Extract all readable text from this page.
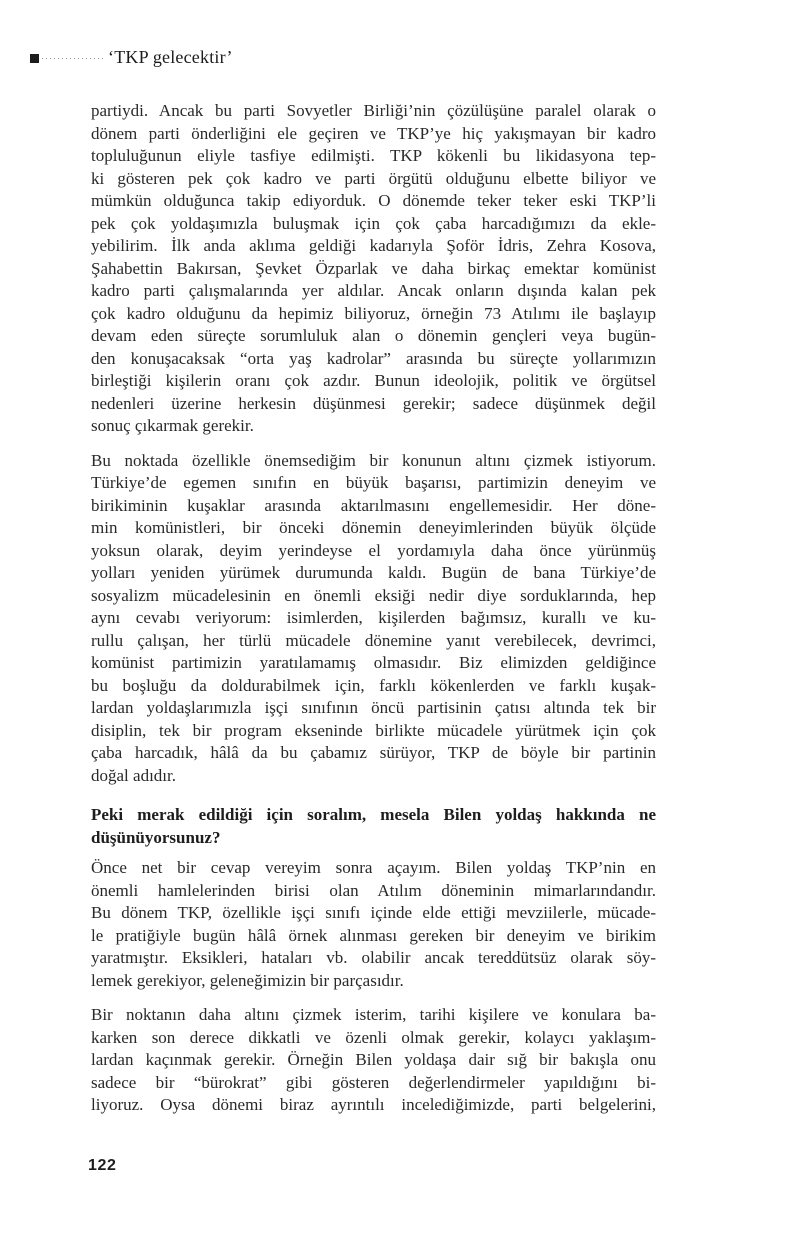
‘TKP gelecektir’
partiydi. Ancak bu parti Sovyetler Birliği’nin çözülüşüne paralel olarak o
dönem parti önderliğini ele geçiren ve TKP’ye hiç yakışmayan bir kadro
topluluğunun eliyle tasfiye edilmişti. TKP kökenli bu likidasyona tep-
ki gösteren pek çok kadro ve parti örgütü olduğunu elbette biliyor ve
mümkün olduğunca takip ediyorduk. O dönemde teker teker eski TKP’li
pek çok yoldaşımızla buluşmak için çok çaba harcadığımızı da ekle-
yebilirim. İlk anda aklıma geldiği kadarıyla Şoför İdris, Zehra Kosova,
Şahabettin Bakırsan, Şevket Özparlak ve daha birkaç emektar komünist
kadro parti çalışmalarında yer aldılar. Ancak onların dışında kalan pek
çok kadro olduğunu da hepimiz biliyoruz, örneğin 73 Atılımı ile başlayıp
devam eden süreçte sorumluluk alan o dönemin gençleri veya bugün-
den konuşacaksak “orta yaş kadrolar” arasında bu süreçte yollarımızın
birleştiği kişilerin oranı çok azdır. Bunun ideolojik, politik ve örgütsel
nedenleri üzerine herkesin düşünmesi gerekir; sadece düşünmek değil
sonuç çıkarmak gerekir.
Bu noktada özellikle önemsediğim bir konunun altını çizmek istiyorum.
Türkiye’de egemen sınıfın en büyük başarısı, partimizin deneyim ve
birikiminin kuşaklar arasında aktarılmasını engellemesidir. Her döne-
min komünistleri, bir önceki dönemin deneyimlerinden büyük ölçüde
yoksun olarak, deyim yerindeyse el yordamıyla daha önce yürünmüş
yolları yeniden yürümek durumunda kaldı. Bugün de bana Türkiye’de
sosyalizm mücadelesinin en önemli eksiği nedir diye sorduklarında, hep
aynı cevabı veriyorum: isimlerden, kişilerden bağımsız, kurallı ve ku-
rullu çalışan, her türlü mücadele dönemine yanıt verebilecek, devrimci,
komünist partimizin yaratılamamış olmasıdır. Biz elimizden geldiğince
bu boşluğu da doldurabilmek için, farklı kökenlerden ve farklı kuşak-
lardan yoldaşlarımızla işçi sınıfının öncü partisinin çatısı altında tek bir
disiplin, tek bir program ekseninde birlikte mücadele yürütmek için çok
çaba harcadık, hâlâ da bu çabamız sürüyor, TKP de böyle bir partinin
doğal adıdır.
Peki merak edildiği için soralım, mesela Bilen yoldaş hakkında ne
düşünüyorsunuz?
Önce net bir cevap vereyim sonra açayım. Bilen yoldaş TKP’nin en
önemli hamlelerinden birisi olan Atılım döneminin mimarlarındandır.
Bu dönem TKP, özellikle işçi sınıfı içinde elde ettiği mevziilerle, mücade-
le pratiğiyle bugün hâlâ örnek alınması gereken bir deneyim ve birikim
yaratmıştır. Eksikleri, hataları vb. olabilir ancak tereddütsüz olarak söy-
lemek gerekiyor, geleneğimizin bir parçasıdır.
Bir noktanın daha altını çizmek isterim, tarihi kişilere ve konulara ba-
karken son derece dikkatli ve özenli olmak gerekir, kolaycı yaklaşım-
lardan kaçınmak gerekir. Örneğin Bilen yoldaşa dair sığ bir bakışla onu
sadece bir “bürokrat” gibi gösteren değerlendirmeler yapıldığını bi-
liyoruz. Oysa dönemi biraz ayrıntılı incelediğimizde, parti belgelerini,
122
